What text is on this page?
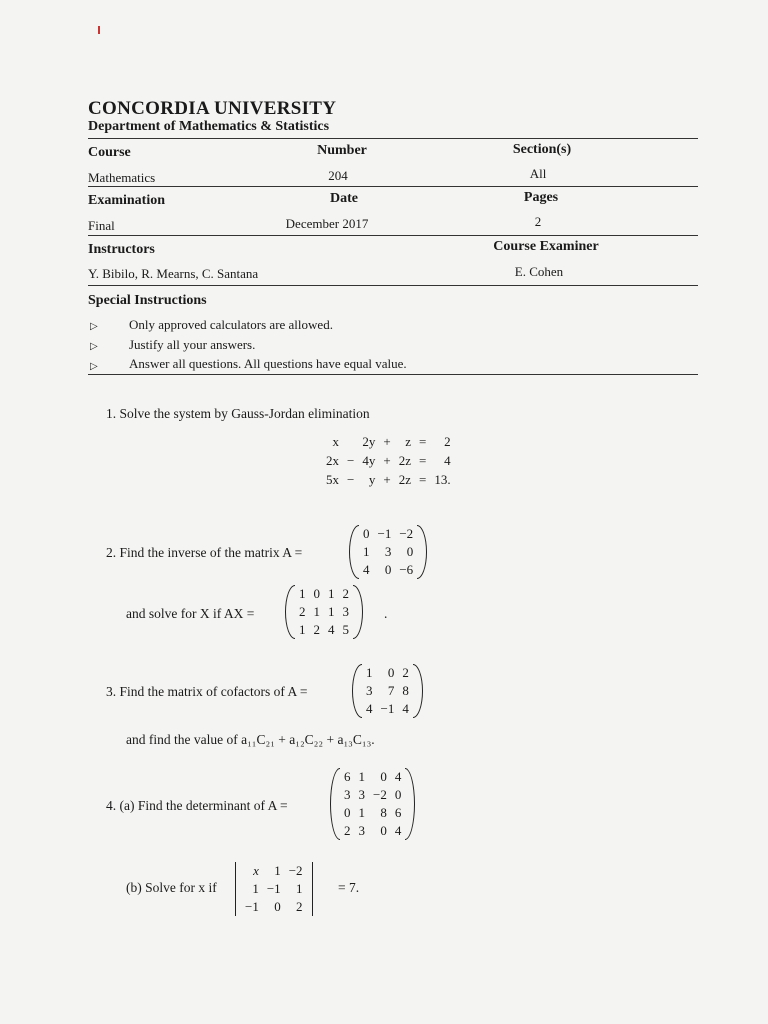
CONCORDIA UNIVERSITY
Department of Mathematics & Statistics
Course	Number	Section(s)
Mathematics	204	All
Examination	Date	Pages
Final	December 2017	2
Instructors	Course Examiner
Y. Bibilo, R. Mearns, C. Santana	E. Cohen
Special Instructions
▷ Only approved calculators are allowed.
▷ Justify all your answers.
▷ Answer all questions. All questions have equal value.
1. Solve the system by Gauss-Jordan elimination
x		2y	+	z	=	2
2x	−	4y	+	2z	=	4
5x	−	y	+	2z	=	13.
2. Find the inverse of the matrix A =
0	−1	−2
1	3	0
4	0	−6
and solve for X if AX =
1	0	1	2
2	1	1	3
1	2	4	5
.
3. Find the matrix of cofactors of A =
1	0	2
3	7	8
4	−1	4
and find the value of a₁₁C₂₁ + a₁₂C₂₂ + a₁₃C₁₃.
4. (a) Find the determinant of A =
6	1	0	4
3	3	−2	0
0	1	8	6
2	3	0	4
(b) Solve for x if
x	1	−2
1	−1	1
−1	0	2
= 7.
